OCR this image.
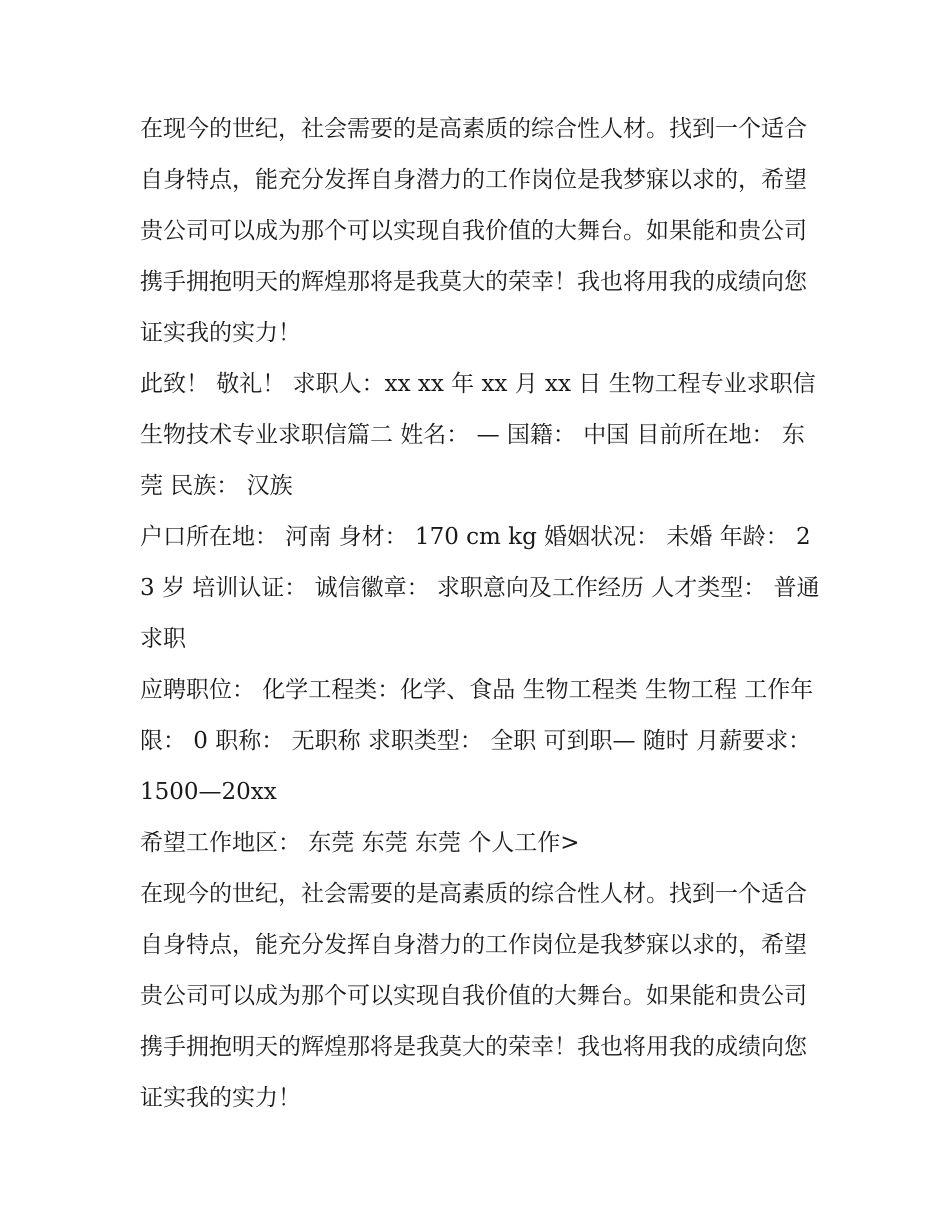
在现今的世纪，社会需要的是高素质的综合性人材。找到一个适合自身特点，能充分发挥自身潜力的工作岗位是我梦寐以求的，希望贵公司可以成为那个可以实现自我价值的大舞台。如果能和贵公司携手拥抱明天的辉煌那将是我莫大的荣幸！我也将用我的成绩向您证实我的实力！

此致！ 敬礼！ 求职人：xx xx 年 xx 月 xx 日 生物工程专业求职信 生物技术专业求职信篇二 姓名： — 国籍： 中国 目前所在地： 东莞 民族： 汉族

户口所在地： 河南 身材： 170 cm kg 婚姻状况： 未婚 年龄： 23 岁 培训认证： 诚信徽章： 求职意向及工作经历 人才类型： 普通求职

应聘职位： 化学工程类：化学、食品 生物工程类 生物工程 工作年限： 0 职称： 无职称 求职类型： 全职 可到职— 随时 月薪要求： 1500—20xx

希望工作地区： 东莞 东莞 东莞 个人工作>

在现今的世纪，社会需要的是高素质的综合性人材。找到一个适合自身特点，能充分发挥自身潜力的工作岗位是我梦寐以求的，希望贵公司可以成为那个可以实现自我价值的大舞台。如果能和贵公司携手拥抱明天的辉煌那将是我莫大的荣幸！我也将用我的成绩向您证实我的实力！
